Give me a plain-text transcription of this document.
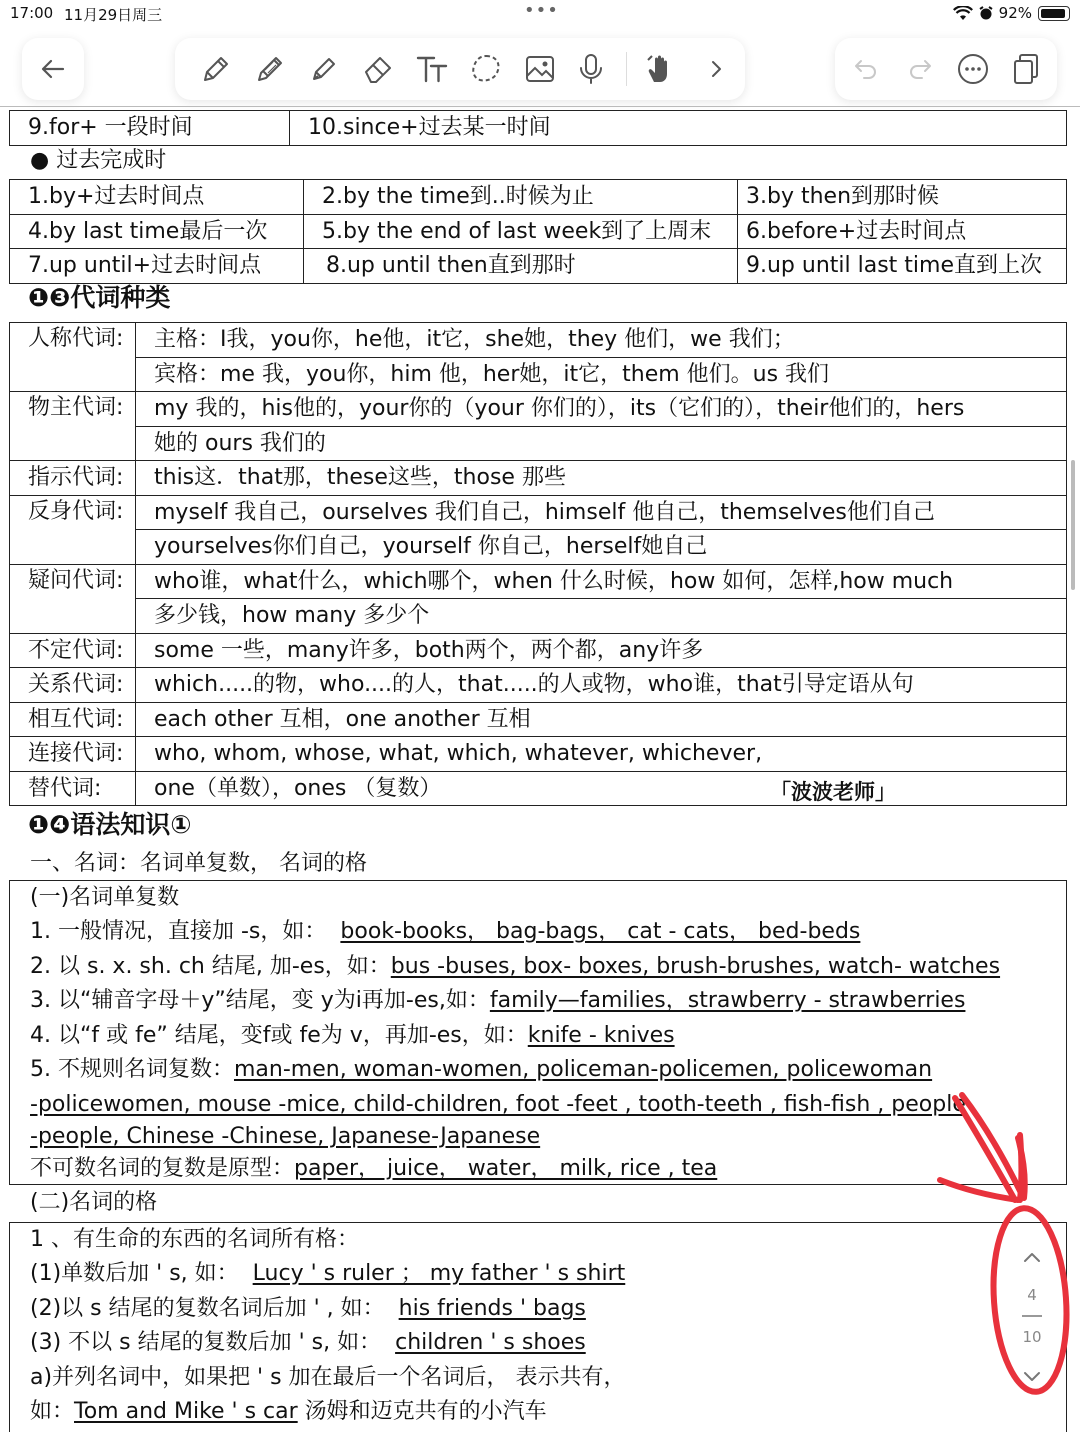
17:00 11月29日周三	•••	92%
9.for+ 一段时间	10.since+过去某一时间
● 过去完成时
1.by+过去时间点	2.by the time到..时候为止	3.by then到那时候
4.by last time最后一次	5.by the end of last week到了上周末	6.before+过去时间点
7.up until+过去时间点	8.up until then直到那时	9.up until last time直到上次
❶❸代词种类
人称代词:	主格：I我，you你，he他，it它，she她，they 他们，we 我们；
	宾格：me 我，you你，him 他，her她，it它，them 他们。us 我们
物主代词:	my 我的，his他的，your你的（your 你们的），its（它们的），their他们的，hers
	她的 ours 我们的
指示代词:	this这．that那，these这些，those 那些
反身代词:	myself 我自己，ourselves 我们自己，himself 他自己，themselves他们自己
	yourselves你们自己，yourself 你自己，herself她自己
疑问代词:	who谁，what什么，which哪个，when 什么时候，how 如何，怎样,how much
	多少钱，how many 多少个
不定代词:	some 一些，many许多，both两个，两个都，any许多
关系代词:	which.....的物，who....的人，that.....的人或物，who谁，that引导定语从句
相互代词:	each other 互相，one another 互相
连接代词:	who, whom, whose, what, which, whatever, whichever,
替代词:	one（单数），ones （复数）	「波波老师」
❶❹语法知识①
一、名词：名词单复数， 名词的格
(一)名词单复数
1. 一般情况，直接加 -s，如： book-books， bag-bags， cat - cats， bed-beds
2. 以 s. x. sh. ch 结尾, 加-es，如：bus -buses, box- boxes, brush-brushes, watch- watches
3. 以“辅音字母＋y”结尾，变 y为i再加-es,如：family—families，strawberry - strawberries
4. 以“f 或 fe” 结尾，变f或 fe为 v，再加-es，如：knife - knives
5. 不规则名词复数：man-men, woman-women, policeman-policemen, policewoman
-policewomen, mouse -mice, child-children, foot -feet , tooth-teeth , fish-fish , people
-people, Chinese -Chinese, Japanese-Japanese
不可数名词的复数是原型：paper， juice， water， milk, rice , tea
(二)名词的格
1 、有生命的东西的名词所有格：
(1)单数后加 ' s, 如： Lucy ' s ruler ； my father ' s shirt
(2)以 s 结尾的复数名词后加 ' , 如： his friends ' bags
(3) 不以 s 结尾的复数后加 ' s, 如： children ' s shoes
a)并列名词中，如果把 ' s 加在最后一个名词后， 表示共有，
如：Tom and Mike ' s car 汤姆和迈克共有的小汽车
4
10
